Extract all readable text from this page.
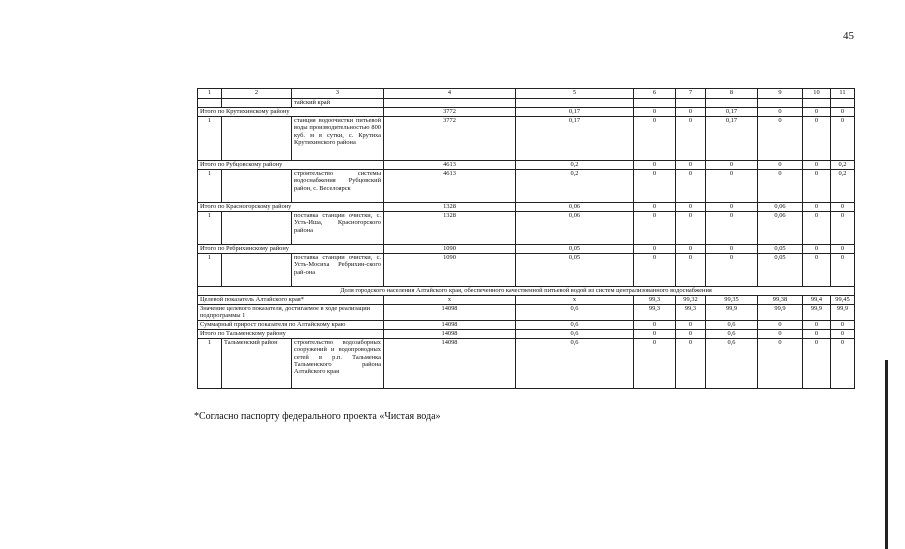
45
1	2	3	4	5	6	7	8	9	10	11
		тайский край								
Итого по Крутихинскому району			3772	0,17	0	0	0,17	0	0	0
1		станция водоочистки питьевой воды производительностью 800 куб. м в сутки, с. Крутиха Крутихинского района	3772	0,17	0	0	0,17	0	0	0
Итого по Рубцовскому району			4613	0,2	0	0	0	0	0	0,2
1		строительство системы водоснабжения Рубцовский район, с. Веселоярск	4613	0,2	0	0	0	0	0	0,2
Итого по Красногорскому району			1328	0,06	0	0	0	0,06	0	0
1		поставка станции очистки, с. Усть-Иша, Красногорского района	1328	0,06	0	0	0	0,06	0	0
Итого по Ребрихинскому району			1090	0,05	0	0	0	0,05	0	0
1		поставка станции очистки, с. Усть-Мосиха Ребрихин-ского рай-она	1090	0,05	0	0	0	0,05	0	0
Доля городского населения Алтайского края, обеспеченного качественной питьевой водой из систем централизованного водоснабжения										
Целевой показатель Алтайского края*			х	х	99,3	99,32	99,35	99,38	99,4	99,45
Значение целевого показателя, достигаемое в ходе реализации подпрограммы 1			14098	0,6	99,3	99,3	99,9	99,9	99,9	99,9
Суммарный прирост показателя по Алтайскому краю			14098	0,6	0	0	0,6	0	0	0
Итого по Тальменскому району			14098	0,6	0	0	0,6	0	0	0
1	Тальменский район	строительство водозаборных сооружений и водопроводных сетей в р.п. Тальменка Тальменского района Алтайского края	14098	0,6	0	0	0,6	0	0	0
*Согласно паспорту федерального проекта «Чистая вода»
